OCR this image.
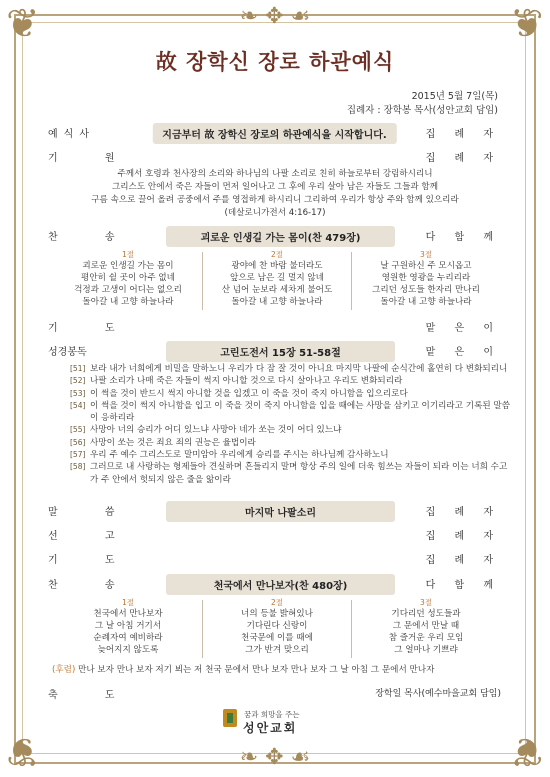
❦	❦
❦	❦
❧ ✥ ☙
❧ ✥ ☙
故 장학신 장로 하관예식
2015년 5월 7일(목)
집례자 : 장학봉 목사(성안교회 담임)
예식사	지금부터 故 장학신 장로의 하관예식을 시작합니다.	집 례 자
기 원	집 례 자
주께서 호령과 천사장의 소리와 하나님의 나팔 소리로 친히 하늘로부터 강림하시리니
그리스도 안에서 죽은 자들이 먼저 일어나고 그 후에 우리 살아 남은 자들도 그들과 함께
구름 속으로 끌어 올려 공중에서 주를 영접하게 하시리니 그리하여 우리가 항상 주와 함께 있으리라
(데살로니가전서 4:16-17)
찬 송	괴로운 인생길 가는 몸이(찬 479장)	다 함 께
1절
괴로운 인생길 가는 몸이
평안히 쉴 곳이 아주 없네
걱정과 고생이 어디는 없으리
돌아갈 내 고향 하늘나라
2절
광야에 찬 바람 불더라도
앞으로 남은 길 멀지 않네
산 넘어 눈보라 세차게 불어도
돌아갈 내 고향 하늘나라
3절
날 구원하신 주 모시옵고
영원한 영광을 누리리라
그리던 성도들 한자리 만나리
돌아갈 내 고향 하늘나라
기 도	맡 은 이
성경봉독	고린도전서 15장 51-58절	맡 은 이
[51] 보라 내가 너희에게 비밀을 말하노니 우리가 다 잠 잘 것이 아니요 마지막 나팔에 순식간에 홀연히 다 변화되리니
[52] 나팔 소리가 나매 죽은 자들이 썩지 아니할 것으로 다시 살아나고 우리도 변화되리라
[53] 이 썩을 것이 반드시 썩지 아니할 것을 입겠고 이 죽을 것이 죽지 아니함을 입으리로다
[54] 이 썩을 것이 썩지 아니함을 입고 이 죽을 것이 죽지 아니함을 입을 때에는 사망을 삼키고 이기리라고 기록된 말씀이 응하리라
[55] 사망아 너의 승리가 어디 있느냐 사망아 네가 쏘는 것이 어디 있느냐
[56] 사망이 쏘는 것은 죄요 죄의 권능은 율법이라
[57] 우리 주 예수 그리스도로 말미암아 우리에게 승리를 주시는 하나님께 감사하노니
[58] 그러므로 내 사랑하는 형제들아 견실하며 흔들리지 말며 항상 주의 일에 더욱 힘쓰는 자들이 되라 이는 너희 수고가 주 안에서 헛되지 않은 줄을 앎이라
말 씀	마지막 나팔소리	집 례 자
선 고	집 례 자
기 도	집 례 자
찬 송	천국에서 만나보자(찬 480장)	다 함 께
1절
천국에서 만나보자
그 날 아침 거기서
순례자여 예비하라
늦어지지 않도록
2절
너의 등불 밝혀있나
기다린다 신랑이
천국문에 이를 때에
그가 반겨 맞으리
3절
기다리던 성도들과
그 문에서 만날 때
참 즐거운 우리 모임
그 얼마나 기쁘랴
(후렴) 만나 보자 만나 보자 저기 뵈는 저 천국 문에서 만나 보자 만나 보자 그 날 아침 그 문에서 만나자
축 도	장학일 목사(예수마을교회 담임)
꿈과 희망을 주는
성안교회
